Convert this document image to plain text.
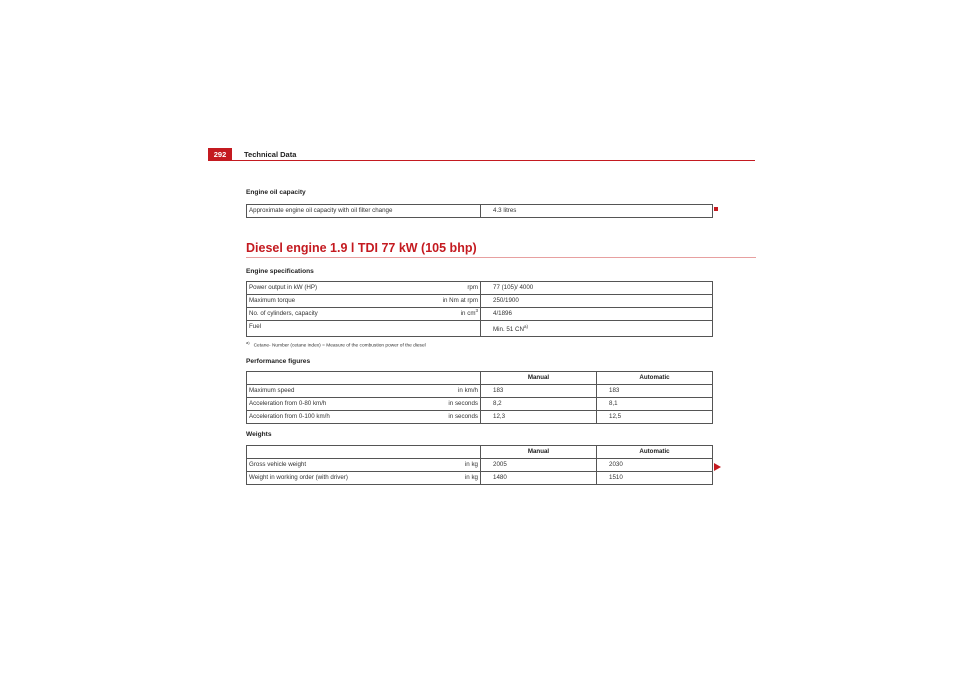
292	Technical Data
Engine oil capacity
Approximate engine oil capacity with oil filter change	4.3 litres
Diesel engine 1.9 l TDI 77 kW (105 bhp)
Engine specifications
Power output in kW (HP)	rpm	77 (105)/ 4000
Maximum torque	in Nm at rpm	250/1900
No. of cylinders, capacity	in $cm^3$	4/1896
Fuel		Min. 51 CN$^{a)}$
$^{a)}$Cetane- Number (cetane index) = Measure of the combustion power of the diesel
Performance figures
		Manual	Automatic
Maximum speed	in km/h	183	183
Acceleration from 0-80 km/h	in seconds	8,2	8,1
Acceleration from 0-100 km/h	in seconds	12,3	12,5
Weights
		Manual	Automatic
Gross vehicle weight	in kg	2005	2030
Weight in working order (with driver)	in kg	1480	1510
